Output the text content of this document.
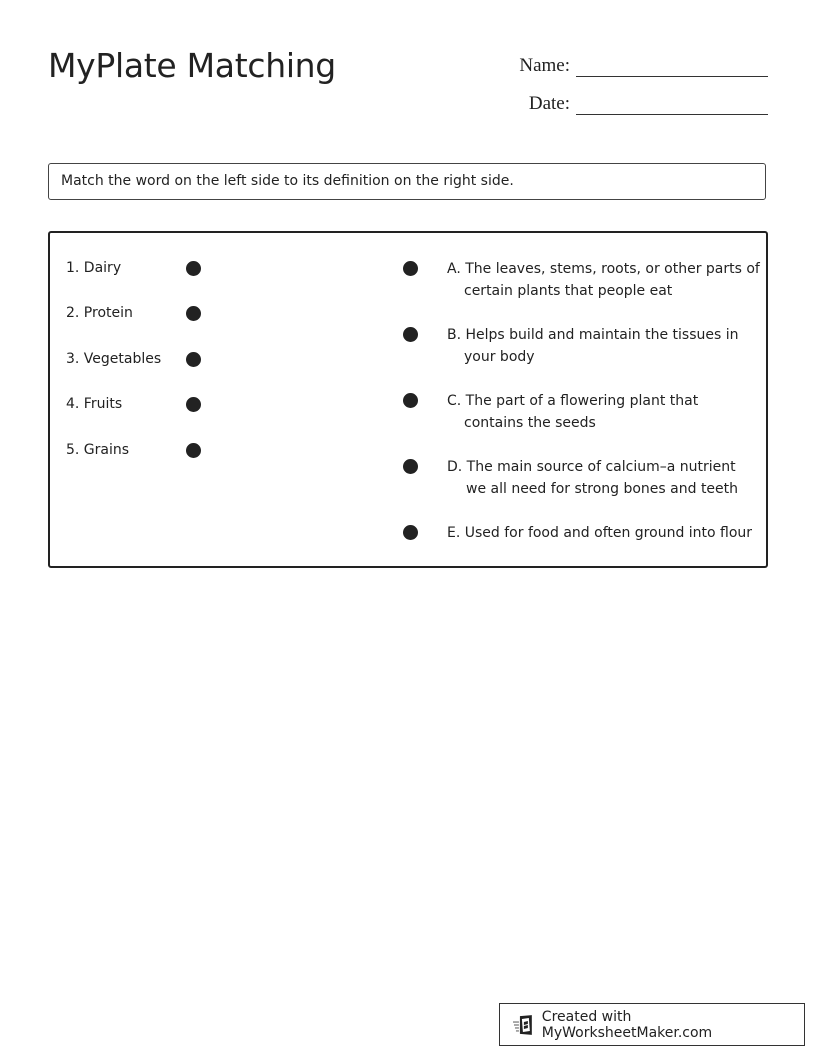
MyPlate Matching	Name:
Date:
Match the word on the left side to its definition on the right side.
1. Dairy
2. Protein
3. Vegetables
4. Fruits
5. Grains
A. The leaves, stems, roots, or other parts of
certain plants that people eat
B. Helps build and maintain the tissues in
your body
C. The part of a flowering plant that
contains the seeds
D. The main source of calcium–a nutrient
we all need for strong bones and teeth
E. Used for food and often ground into flour
Created with MyWorksheetMaker.com
